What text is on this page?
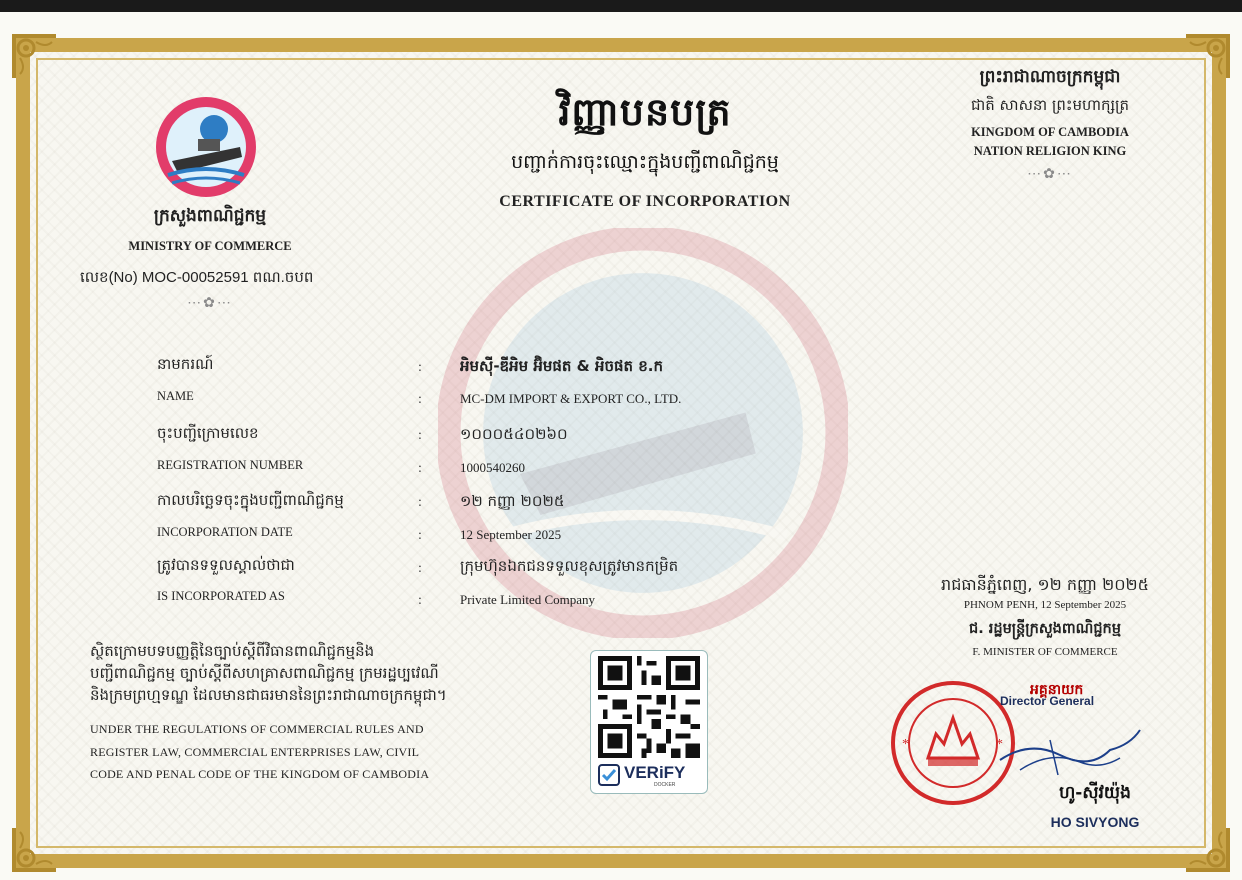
ក្រសួងពាណិជ្ជកម្ម
MINISTRY OF COMMERCE
លេខ(No) MOC-00052591 ពណ.ចបព
⋯✿⋯
វិញ្ញាបនបត្រ
បញ្ជាក់ការចុះឈ្មោះក្នុងបញ្ជីពាណិជ្ជកម្ម
CERTIFICATE OF INCORPORATION
ព្រះរាជាណាចក្រកម្ពុជា
ជាតិ សាសនា ព្រះមហាក្សត្រ
KINGDOM OF CAMBODIA
NATION RELIGION KING
⋯✿⋯
នាមករណ៍
NAME
:
:
អិមស៊ី-ឌីអិម អ៊ិមផត & អិចផត ខ.ក
MC-DM IMPORT & EXPORT CO., LTD.
ចុះបញ្ជីក្រោមលេខ
REGISTRATION NUMBER
:
:
១០០០៥៤០២៦០
1000540260
កាលបរិច្ឆេទចុះក្នុងបញ្ជីពាណិជ្ជកម្ម
INCORPORATION DATE
:
:
១២ កញ្ញា ២០២៥
12 September 2025
ត្រូវបានទទួលស្គាល់ថាជា
IS INCORPORATED AS
:
:
ក្រុមហ៊ុនឯកជនទទួលខុសត្រូវមានកម្រិត
Private Limited Company
ស្ថិតក្រោមបទបញ្ញត្តិនៃច្បាប់ស្ដីពីវិធានពាណិជ្ជកម្មនិង
បញ្ជីពាណិជ្ជកម្ម ច្បាប់ស្ដីពីសហគ្រាសពាណិជ្ជកម្ម ក្រមរដ្ឋប្បវេណី
និងក្រមព្រហ្មទណ្ឌ ដែលមានជាធរមាននៃព្រះរាជាណាចក្រកម្ពុជា។
UNDER THE REGULATIONS OF COMMERCIAL RULES AND
REGISTER LAW, COMMERCIAL ENTERPRISES LAW, CIVIL
CODE AND PENAL CODE OF THE KINGDOM OF CAMBODIA	VERiFY
DOCKER
រាជធានីភ្នំពេញ, ១២ កញ្ញា ២០២៥
PHNOM PENH, 12 September 2025
ជ. រដ្ឋមន្ត្រីក្រសួងពាណិជ្ជកម្ម
F. MINISTER OF COMMERCE
*	*
អគ្គនាយក
Director General
ហូ-ស៊ីវយ៉ុង
HO SIVYONG
